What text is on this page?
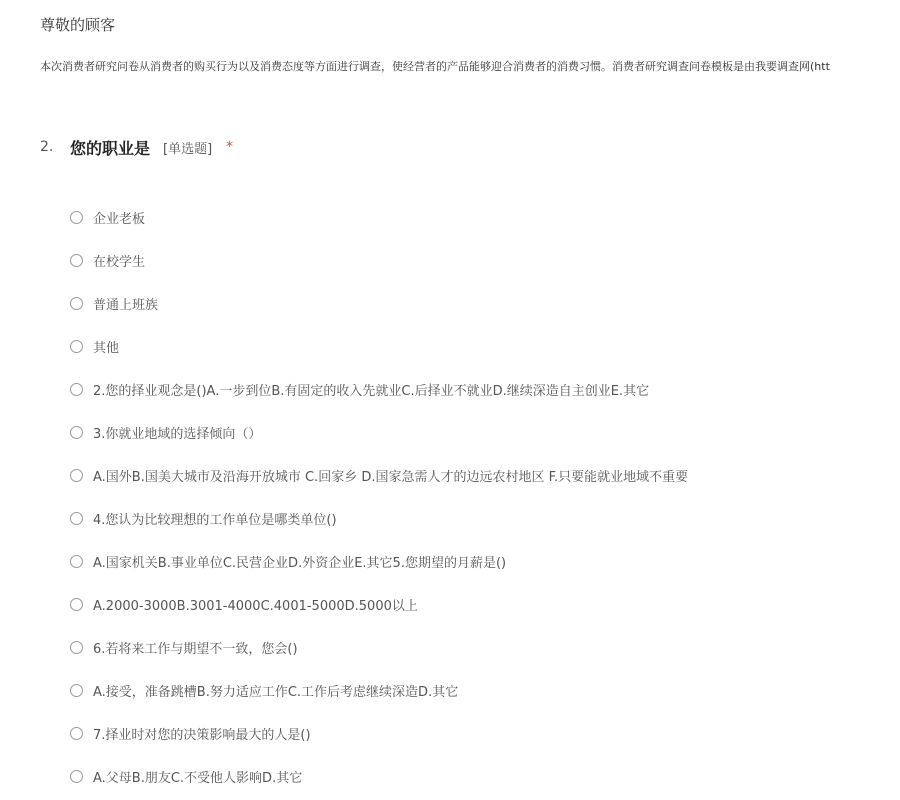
尊敬的顾客
本次消费者研究问卷从消费者的购买行为以及消费态度等方面进行调查，使经营者的产品能够迎合消费者的消费习惯。消费者研究调查问卷模板是由我要调查网(htt
2.	您的职业是 [单选题] *
企业老板
在校学生
普通上班族
其他
2.您的择业观念是()A.一步到位B.有固定的收入先就业C.后择业不就业D.继续深造自主创业E.其它
3.你就业地域的选择倾向（）
A.国外B.国美大城市及沿海开放城市 C.回家乡 D.国家急需人才的边远农村地区 F.只要能就业地域不重要
4.您认为比较理想的工作单位是哪类单位()
A.国家机关B.事业单位C.民营企业D.外资企业E.其它5.您期望的月薪是()
A.2000-3000B.3001-4000C.4001-5000D.5000以上
6.若将来工作与期望不一致，您会()
A.接受，准备跳槽B.努力适应工作C.工作后考虑继续深造D.其它
7.择业时对您的决策影响最大的人是()
A.父母B.朋友C.不受他人影响D.其它
